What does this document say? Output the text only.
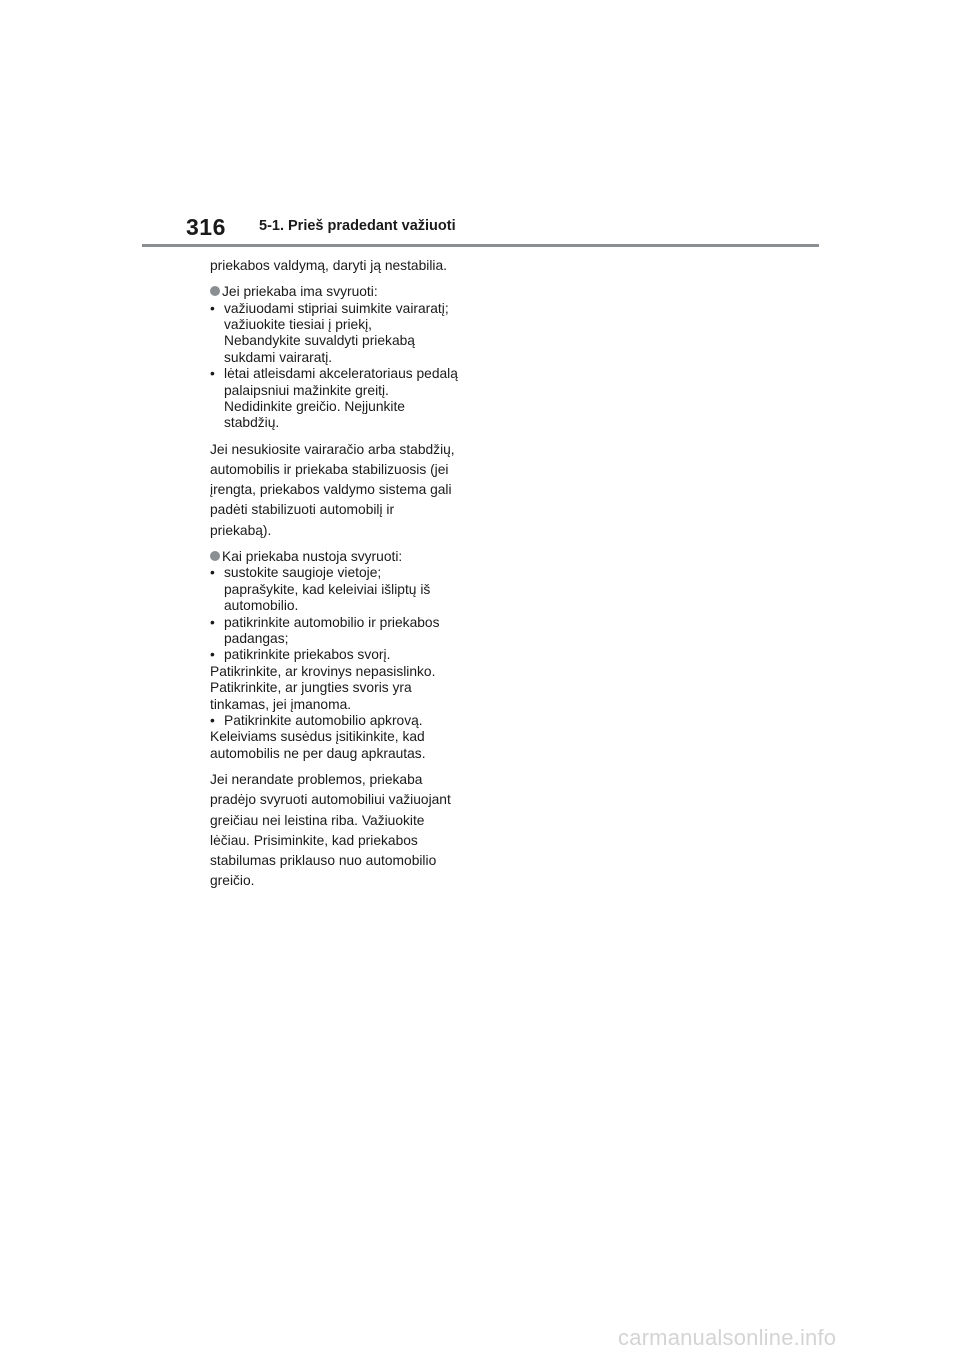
316 5-1. Prieš pradedant važiuoti

priekabos valdymą, daryti ją nestabilia.

Jei priekaba ima svyruoti:
• važiuodami stipriai suimkite vairaratį;
važiuokite tiesiai į priekį,
Nebandykite suvaldyti priekabą
sukdami vairaratį.
• lėtai atleisdami akceleratoriaus pedalą
palaipsniui mažinkite greitį.
Nedidinkite greičio. Neįjunkite
stabdžių.

Jei nesukiosite vairaračio arba stabdžių,
automobilis ir priekaba stabilizuosis (jei
įrengta, priekabos valdymo sistema gali
padėti stabilizuoti automobilį ir
priekabą).

Kai priekaba nustoja svyruoti:
• sustokite saugioje vietoje;
paprašykite, kad keleiviai išliptų iš
automobilio.
• patikrinkite automobilio ir priekabos
padangas;
• patikrinkite priekabos svorį.
Patikrinkite, ar krovinys nepasislinko.
Patikrinkite, ar jungties svoris yra
tinkamas, jei įmanoma.
• Patikrinkite automobilio apkrovą.
Keleiviams susėdus įsitikinkite, kad
automobilis ne per daug apkrautas.

Jei nerandate problemos, priekaba
pradėjo svyruoti automobiliui važiuojant
greičiau nei leistina riba. Važiuokite
lėčiau. Prisiminkite, kad priekabos
stabilumas priklauso nuo automobilio
greičio.

carmanualsonline.info
